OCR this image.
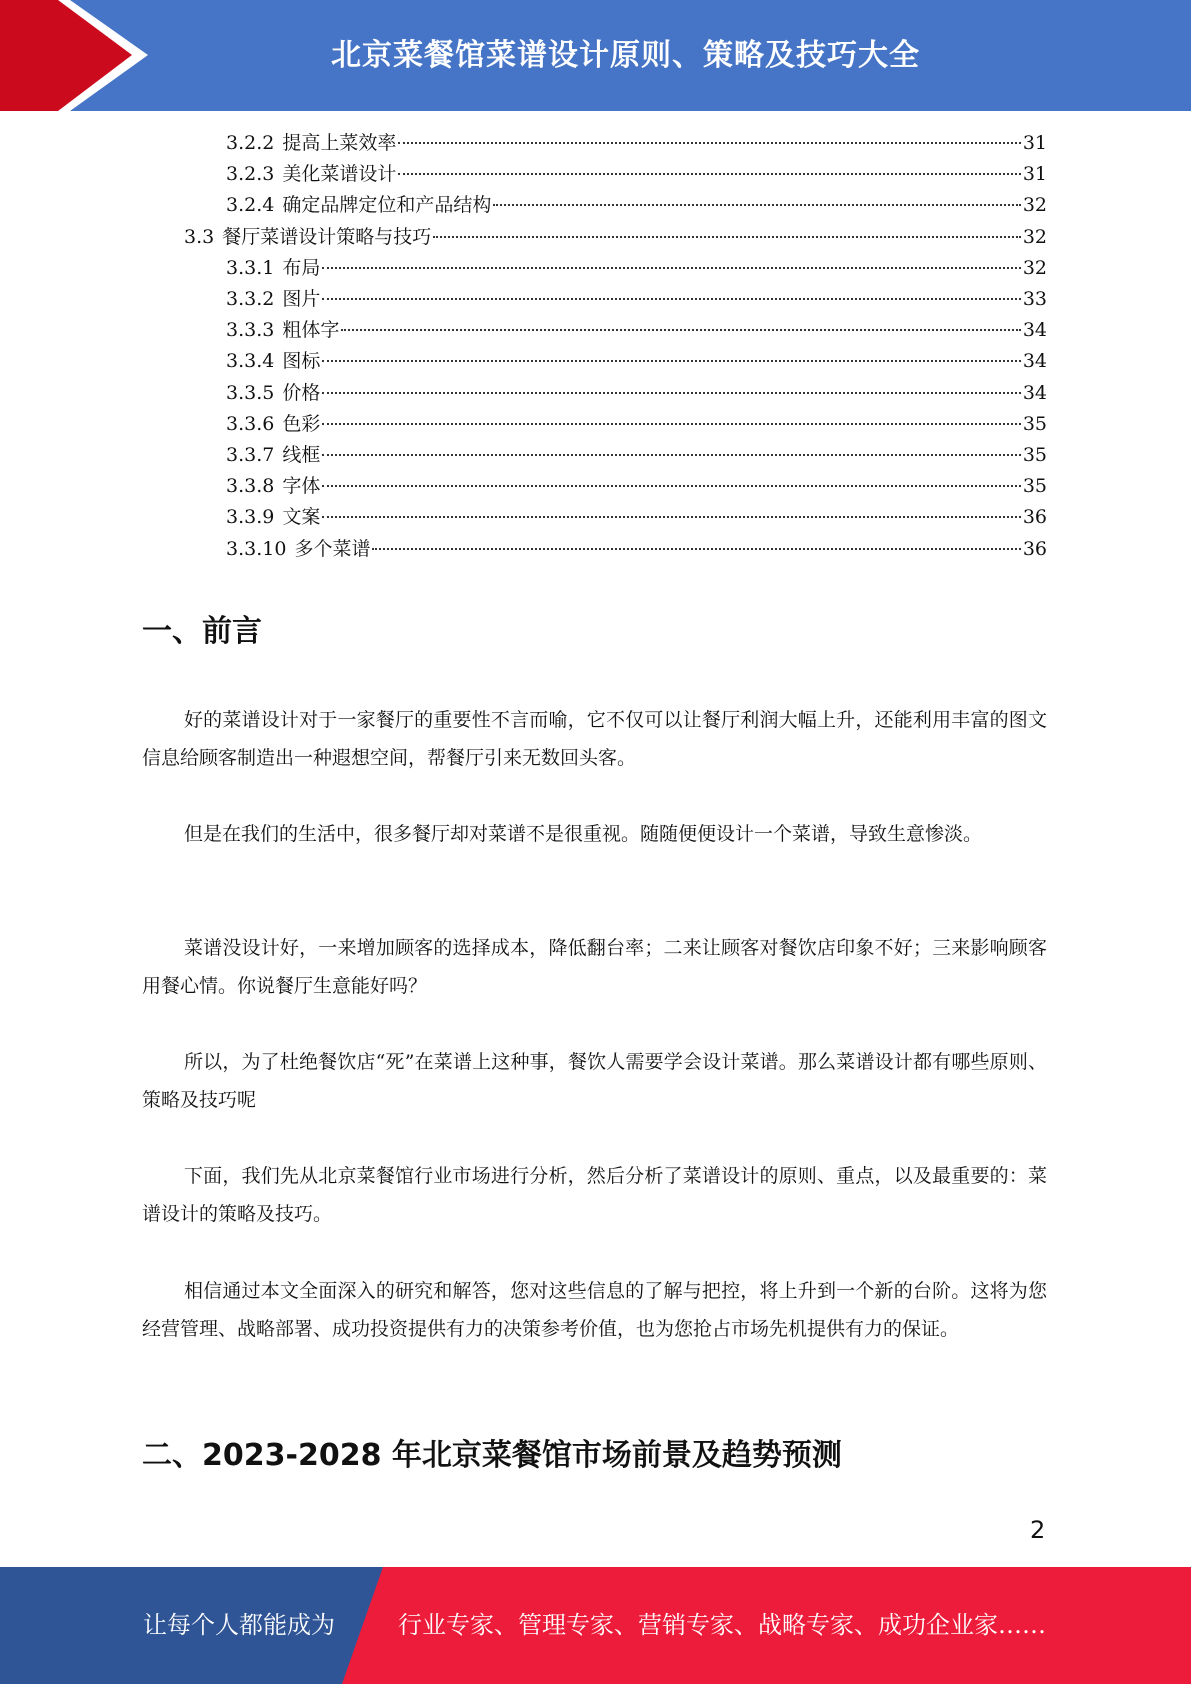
北京菜餐馆菜谱设计原则、策略及技巧大全
3.2.2 提高上菜效率	31
3.2.3 美化菜谱设计	31
3.2.4 确定品牌定位和产品结构	32
3.3 餐厅菜谱设计策略与技巧	32
3.3.1 布局	32
3.3.2 图片	33
3.3.3 粗体字	34
3.3.4 图标	34
3.3.5 价格	34
3.3.6 色彩	35
3.3.7 线框	35
3.3.8 字体	35
3.3.9 文案	36
3.3.10 多个菜谱	36
一、前言
好的菜谱设计对于一家餐厅的重要性不言而喻，它不仅可以让餐厅利润大幅上升，还能利用丰富的图文信息给顾客制造出一种遐想空间，帮餐厅引来无数回头客。
但是在我们的生活中，很多餐厅却对菜谱不是很重视。随随便便设计一个菜谱，导致生意惨淡。
菜谱没设计好，一来增加顾客的选择成本，降低翻台率；二来让顾客对餐饮店印象不好；三来影响顾客用餐心情。你说餐厅生意能好吗？
所以，为了杜绝餐饮店“死”在菜谱上这种事，餐饮人需要学会设计菜谱。那么菜谱设计都有哪些原则、策略及技巧呢
下面，我们先从北京菜餐馆行业市场进行分析，然后分析了菜谱设计的原则、重点，以及最重要的：菜谱设计的策略及技巧。
相信通过本文全面深入的研究和解答，您对这些信息的了解与把控，将上升到一个新的台阶。这将为您经营管理、战略部署、成功投资提供有力的决策参考价值，也为您抢占市场先机提供有力的保证。
二、2023-2028 年北京菜餐馆市场前景及趋势预测
2
让每个人都能成为	行业专家、管理专家、营销专家、战略专家、成功企业家……
